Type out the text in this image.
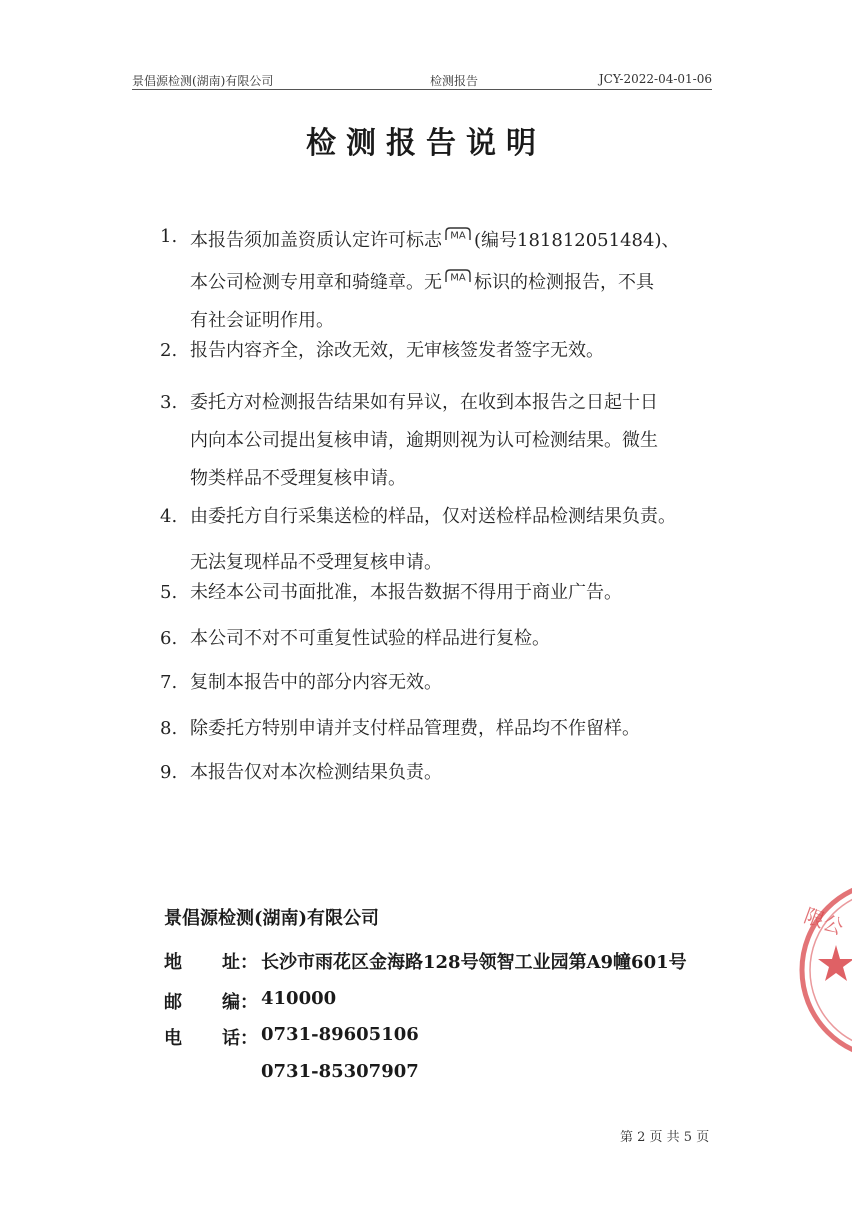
景倡源检测(湖南)有限公司	检测报告	JCY-2022-04-01-06
检测报告说明
1. 本报告须加盖资质认定许可标志 MA (编号181812051484)、
本公司检测专用章和骑缝章。无 MA 标识的检测报告，不具
有社会证明作用。
2. 报告内容齐全，涂改无效，无审核签发者签字无效。
3. 委托方对检测报告结果如有异议，在收到本报告之日起十日
内向本公司提出复核申请，逾期则视为认可检测结果。微生
物类样品不受理复核申请。
4. 由委托方自行采集送检的样品，仅对送检样品检测结果负责。
无法复现样品不受理复核申请。
5. 未经本公司书面批准，本报告数据不得用于商业广告。
6. 本公司不对不可重复性试验的样品进行复检。
7. 复制本报告中的部分内容无效。
8. 除委托方特别申请并支付样品管理费，样品均不作留样。
9. 本报告仅对本次检测结果负责。
景倡源检测(湖南)有限公司
地 址： 长沙市雨花区金海路128号领智工业园第A9幢601号
邮 编： 410000
电 话： 0731-89605106
0731-85307907
第 2 页 共 5 页
限公
